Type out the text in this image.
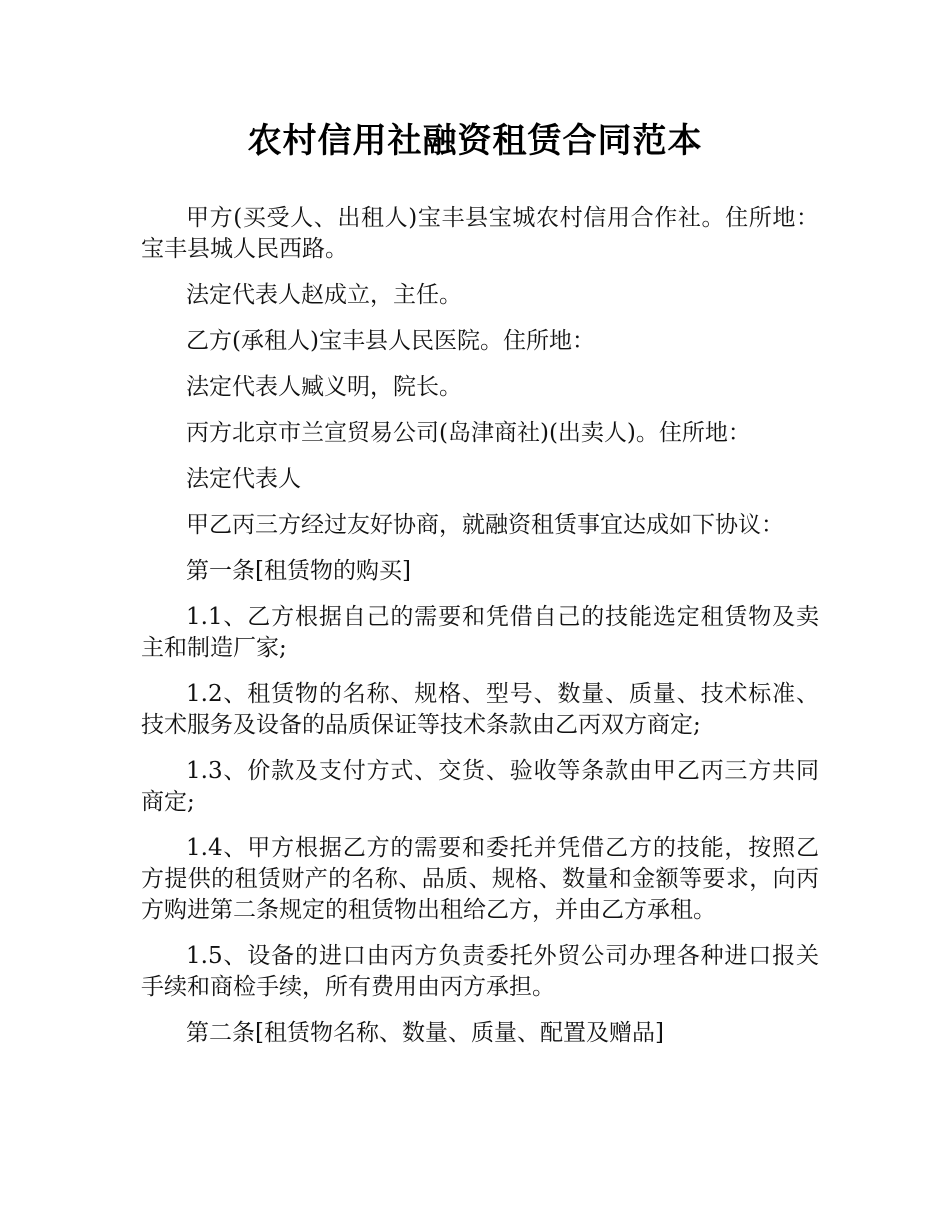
农村信用社融资租赁合同范本

甲方(买受人、出租人)宝丰县宝城农村信用合作社。住所地：宝丰县城人民西路。

法定代表人赵成立，主任。

乙方(承租人)宝丰县人民医院。住所地：

法定代表人臧义明，院长。

丙方北京市兰宣贸易公司(岛津商社)(出卖人)。住所地：

法定代表人

甲乙丙三方经过友好协商，就融资租赁事宜达成如下协议：

第一条[租赁物的购买]

1.1、乙方根据自己的需要和凭借自己的技能选定租赁物及卖主和制造厂家;

1.2、租赁物的名称、规格、型号、数量、质量、技术标准、技术服务及设备的品质保证等技术条款由乙丙双方商定;

1.3、价款及支付方式、交货、验收等条款由甲乙丙三方共同商定;

1.4、甲方根据乙方的需要和委托并凭借乙方的技能，按照乙方提供的租赁财产的名称、品质、规格、数量和金额等要求，向丙方购进第二条规定的租赁物出租给乙方，并由乙方承租。

1.5、设备的进口由丙方负责委托外贸公司办理各种进口报关手续和商检手续，所有费用由丙方承担。

第二条[租赁物名称、数量、质量、配置及赠品]
